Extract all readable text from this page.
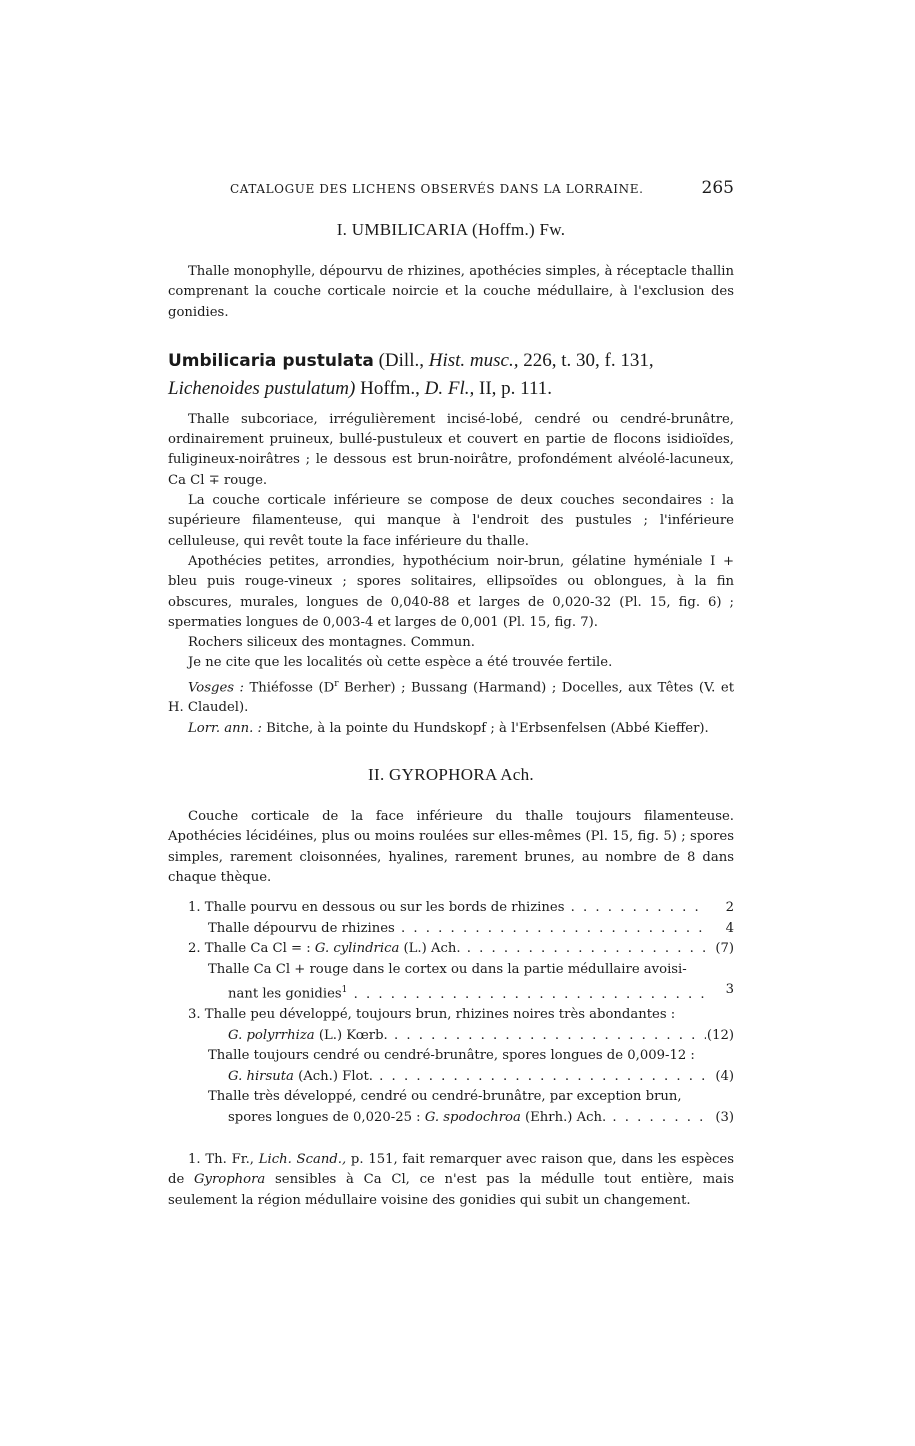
CATALOGUE DES LICHENS OBSERVÉS DANS LA LORRAINE.	265
I. UMBILICARIA (Hoffm.) Fw.

Thalle monophylle, dépourvu de rhizines, apothécies simples, à réceptacle thallin comprenant la couche corticale noircie et la couche médullaire, à l'exclusion des gonidies.

Umbilicaria pustulata (Dill., Hist. musc., 226, t. 30, f. 131, Lichenoides pustulatum) Hoffm., D. Fl., II, p. 111.

Thalle subcoriace, irrégulièrement incisé-lobé, cendré ou cendré-brunâtre, ordinairement pruineux, bullé-pustuleux et couvert en partie de flocons isidioïdes, fuligineux-noirâtres ; le dessous est brun-noirâtre, profondément alvéolé-lacuneux, Ca Cl ∓ rouge.

La couche corticale inférieure se compose de deux couches secondaires : la supérieure filamenteuse, qui manque à l'endroit des pustules ; l'inférieure celluleuse, qui revêt toute la face inférieure du thalle.

Apothécies petites, arrondies, hypothécium noir-brun, gélatine hyméniale I + bleu puis rouge-vineux ; spores solitaires, ellipsoïdes ou oblongues, à la fin obscures, murales, longues de 0,040-88 et larges de 0,020-32 (Pl. 15, fig. 6) ; spermaties longues de 0,003-4 et larges de 0,001 (Pl. 15, fig. 7).

Rochers siliceux des montagnes. Commun.

Je ne cite que les localités où cette espèce a été trouvée fertile.

Vosges : Thiéfosse ($D^r$ Berher) ; Bussang (Harmand) ; Docelles, aux Têtes (V. et H. Claudel).

Lorr. ann. : Bitche, à la pointe du Hundskopf ; à l'Erbsenfelsen (Abbé Kieffer).

II. GYROPHORA Ach.

Couche corticale de la face inférieure du thalle toujours filamenteuse. Apothécies lécidéines, plus ou moins roulées sur elles-mêmes (Pl. 15, fig. 5) ; spores simples, rarement cloisonnées, hyalines, rarement brunes, au nombre de 8 dans chaque thèque.

1. Thalle pourvu en dessous ou sur les bords de rhizines . . .	2
Thalle dépourvu de rhizines . . .	4
2. Thalle Ca Cl = : G. cylindrica (L.) Ach. . . .	(7)
Thalle Ca Cl + rouge dans le cortex ou dans la partie médullaire avoisi-
nant les gonidies$^1$ . . .	3
3. Thalle peu développé, toujours brun, rhizines noires très abondantes :
G. polyrrhiza (L.) Kœrb. . . .	(12)
Thalle toujours cendré ou cendré-brunâtre, spores longues de 0,009-12 :
G. hirsuta (Ach.) Flot. . . .	(4)
Thalle très développé, cendré ou cendré-brunâtre, par exception brun,
spores longues de 0,020-25 : G. spodochroa (Ehrh.) Ach. . . .	(3)

1. Th. Fr., Lich. Scand., p. 151, fait remarquer avec raison que, dans les espèces de Gyrophora sensibles à Ca Cl, ce n'est pas la médulle tout entière, mais seulement la région médullaire voisine des gonidies qui subit un changement.
